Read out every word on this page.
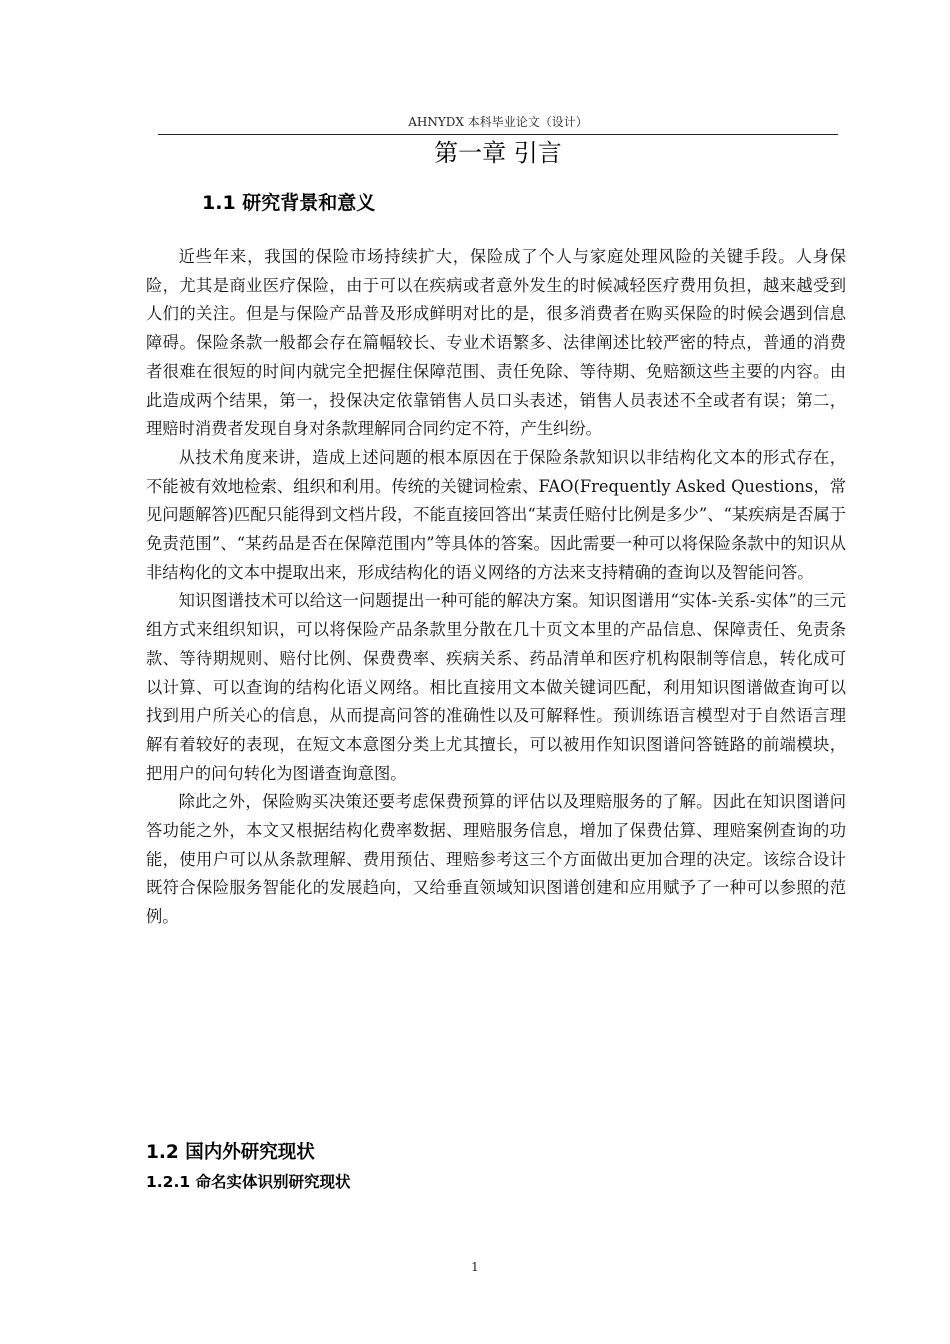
AHNYDX 本科毕业论文（设计）
第一章 引言
1.1 研究背景和意义

近些年来，我国的保险市场持续扩大，保险成了个人与家庭处理风险的关键手段。人身保险，尤其是商业医疗保险，由于可以在疾病或者意外发生的时候减轻医疗费用负担，越来越受到人们的关注。但是与保险产品普及形成鲜明对比的是，很多消费者在购买保险的时候会遇到信息障碍。保险条款一般都会存在篇幅较长、专业术语繁多、法律阐述比较严密的特点，普通的消费者很难在很短的时间内就完全把握住保障范围、责任免除、等待期、免赔额这些主要的内容。由此造成两个结果，第一，投保决定依靠销售人员口头表述，销售人员表述不全或者有误；第二，理赔时消费者发现自身对条款理解同合同约定不符，产生纠纷。

从技术角度来讲，造成上述问题的根本原因在于保险条款知识以非结构化文本的形式存在，不能被有效地检索、组织和利用。传统的关键词检索、FAO(Frequently Asked Questions，常见问题解答)匹配只能得到文档片段，不能直接回答出“某责任赔付比例是多少”、“某疾病是否属于免责范围”、“某药品是否在保障范围内”等具体的答案。因此需要一种可以将保险条款中的知识从非结构化的文本中提取出来，形成结构化的语义网络的方法来支持精确的查询以及智能问答。

知识图谱技术可以给这一问题提出一种可能的解决方案。知识图谱用“实体-关系-实体”的三元组方式来组织知识，可以将保险产品条款里分散在几十页文本里的产品信息、保障责任、免责条款、等待期规则、赔付比例、保费费率、疾病关系、药品清单和医疗机构限制等信息，转化成可以计算、可以查询的结构化语义网络。相比直接用文本做关键词匹配，利用知识图谱做查询可以找到用户所关心的信息，从而提高问答的准确性以及可解释性。预训练语言模型对于自然语言理解有着较好的表现，在短文本意图分类上尤其擅长，可以被用作知识图谱问答链路的前端模块，把用户的问句转化为图谱查询意图。

除此之外，保险购买决策还要考虑保费预算的评估以及理赔服务的了解。因此在知识图谱问答功能之外，本文又根据结构化费率数据、理赔服务信息，增加了保费估算、理赔案例查询的功能，使用户可以从条款理解、费用预估、理赔参考这三个方面做出更加合理的决定。该综合设计既符合保险服务智能化的发展趋向，又给垂直领域知识图谱创建和应用赋予了一种可以参照的范例。

1.2 国内外研究现状
1.2.1 命名实体识别研究现状
1
